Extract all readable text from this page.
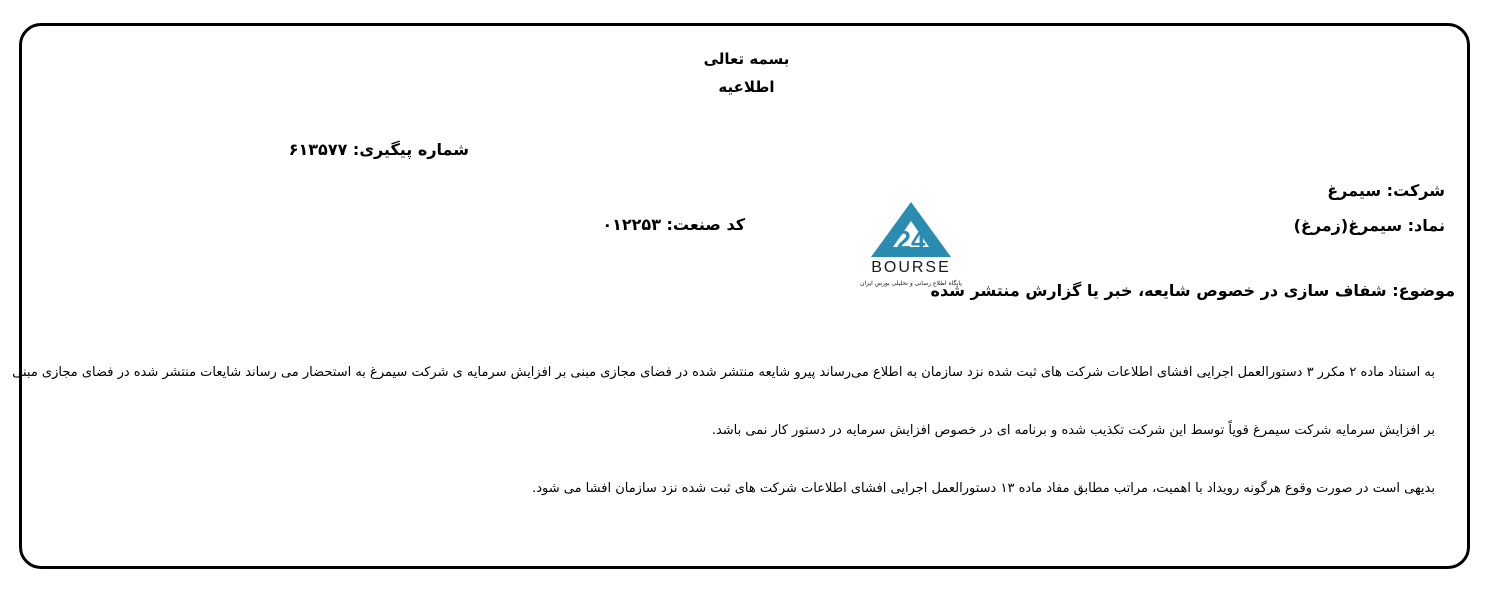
بسمه تعالی
اطلاعیه
شماره پیگیری: ۶۱۳۵۷۷
شرکت: سیمرغ
نماد: سیمرغ(زمرغ)
کد صنعت: ۰۱۲۲۵۳
موضوع: شفاف سازی در خصوص شایعه، خبر یا گزارش منتشر شده
24
BOURSE
پایگاه اطلاع رسانی و تحلیلی بورس ایران
به استناد ماده ۲ مکرر ۳ دستورالعمل اجرایی افشای اطلاعات شرکت های ثبت شده نزد سازمان به اطلاع می‌رساند پیرو شایعه منتشر شده در فضای مجازی مبنی بر افزایش سرمایه ی شرکت سیمرغ به استحضار می رساند شایعات منتشر شده در فضای مجازی مبنی
بر افزایش سرمایه شرکت سیمرغ قویاً توسط این شرکت تکذیب شده و برنامه ای در خصوص افزایش سرمایه در دستور کار نمی باشد.
بدیهی است در صورت وقوع هرگونه رویداد با اهمیت، مراتب مطابق مفاد ماده ۱۳ دستورالعمل اجرایی افشای اطلاعات شرکت های ثبت شده نزد سازمان افشا می شود.
